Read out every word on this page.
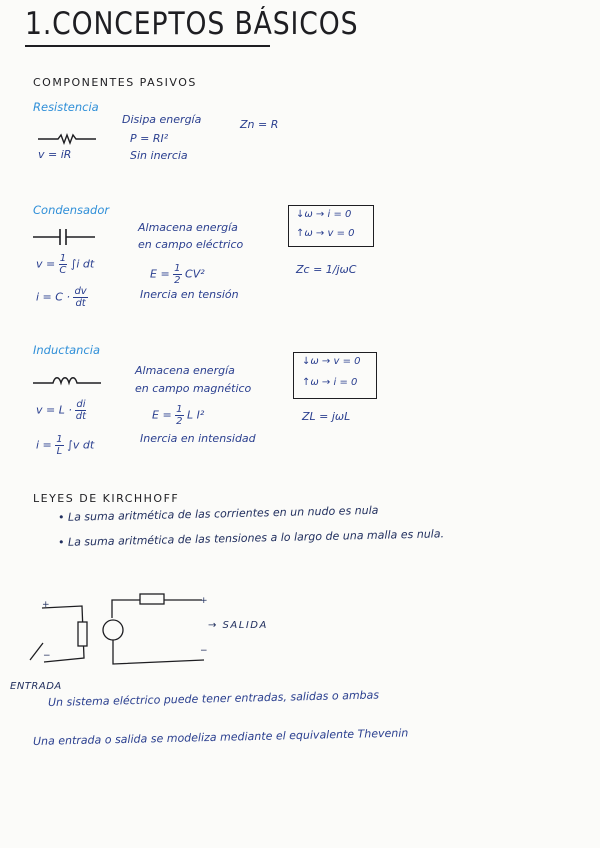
1.CONCEPTOS BÁSICOS
COMPONENTES PASIVOS
Resistencia
v = iR
Disipa energía
P = RI²
Sin inercia
Zn = R
Condensador
$v = \frac{1}{C} \int i$ dt
$i = C \cdot \frac{dv}{dt}$
Almacena energía
en campo eléctrico
$E = \frac{1}{2} CV^2$
Inercia en tensión
↓ω → i = 0
↑ω → v = 0
Zc = 1/jωC
Inductancia
$v = L \cdot \frac{di}{dt}$
$i = \frac{1}{L} \int v$ dt
Almacena energía
en campo magnético
$E = \frac{1}{2}$ L I²
Inercia en intensidad
↓ω → v = 0
↑ω → i = 0
ZL = jωL
LEYES DE KIRCHHOFF
• La suma aritmética de las corrientes en un nudo es nula
• La suma aritmética de las tensiones a lo largo de una malla es nula.
+
−
+
−
→ SALIDA
ENTRADA
Un sistema eléctrico puede tener entradas, salidas o ambas
Una entrada o salida se modeliza mediante el equivalente Thevenin
